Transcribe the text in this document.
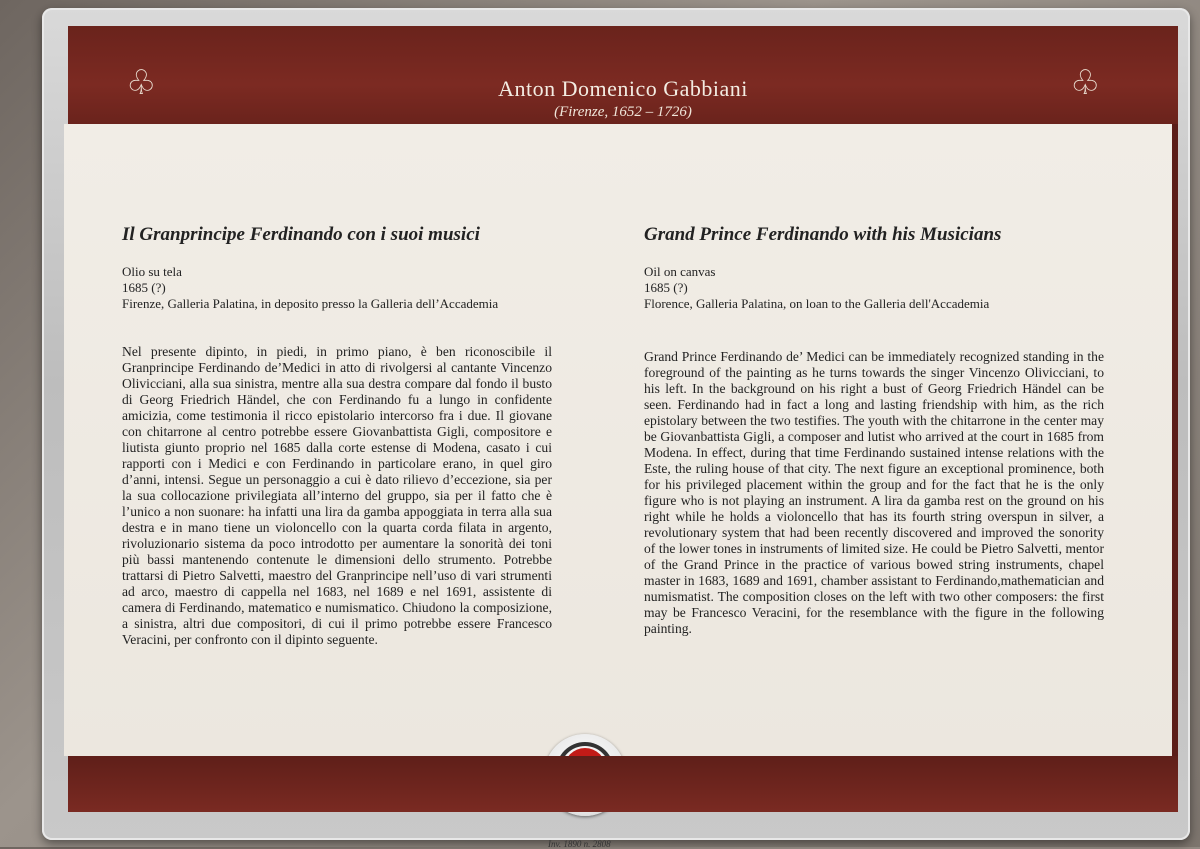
♧	♧
Anton Domenico Gabbiani
(Firenze, 1652 – 1726)
Il Granprincipe Ferdinando con i suoi musici
Olio su tela
1685 (?)
Firenze, Galleria Palatina, in deposito presso la Galleria dell’Accademia
Nel presente dipinto, in piedi, in primo piano, è ben riconoscibile il Granprincipe Ferdinando de’Medici in atto di rivolgersi al cantante Vincenzo Olivicciani, alla sua sinistra, mentre alla sua destra compare dal fondo il busto di Georg Friedrich Händel, che con Ferdinando fu a lungo in confidente amicizia, come testimonia il ricco epistolario intercorso fra i due. Il giovane con chitarrone al centro potrebbe essere Giovanbattista Gigli, compositore e liutista giunto proprio nel 1685 dalla corte estense di Modena, casato i cui rapporti con i Medici e con Ferdinando in particolare erano, in quel giro d’anni, intensi. Segue un personaggio a cui è dato rilievo d’eccezione, sia per la sua collocazione privilegiata all’interno del gruppo, sia per il fatto che è l’unico a non suonare: ha infatti una lira da gamba appoggiata in terra alla sua destra e in mano tiene un violoncello con la quarta corda filata in argento, rivoluzionario sistema da poco introdotto per aumentare la sonorità dei toni più bassi mantenendo contenute le dimensioni dello strumento. Potrebbe trattarsi di Pietro Salvetti, maestro del Granprincipe nell’uso di vari strumenti ad arco, maestro di cappella nel 1683, nel 1689 e nel 1691, assistente di camera di Ferdinando, matematico e numismatico. Chiudono la composizione, a sinistra, altri due compositori, di cui il primo potrebbe essere Francesco Veracini, per confronto con il dipinto seguente.
Grand Prince Ferdinando with his Musicians
Oil on canvas
1685 (?)
Florence, Galleria Palatina, on loan to the Galleria dell'Accademia
Grand Prince Ferdinando de’ Medici can be immediately recognized standing in the foreground of the painting as he turns towards the singer Vincenzo Olivicciani, to his left. In the background on his right a bust of Georg Friedrich Händel can be seen. Ferdinando had in fact a long and lasting friendship with him, as the rich epistolary between the two testifies. The youth with the chitarrone in the center may be Giovanbattista Gigli, a composer and lutist who arrived at the court in 1685 from Modena. In effect, during that time Ferdinando sustained intense relations with the Este, the ruling house of that city. The next figure an exceptional prominence, both for his privileged placement within the group and for the fact that he is the only figure who is not playing an instrument. A lira da gamba rest on the ground on his right while he holds a violoncello that has its fourth string overspun in silver, a revolutionary system that had been recently discovered and improved the sonority of the lower tones in instruments of limited size. He could be Pietro Salvetti, mentor of the Grand Prince in the practice of various bowed string instruments, chapel master in 1683, 1689 and 1691, chamber assistant to Ferdinando,mathematician and numismatist. The composition closes on the left with two other composers: the first may be Francesco Veracini, for the resemblance with the figure in the following painting.
Inv. 1890 n. 2808
